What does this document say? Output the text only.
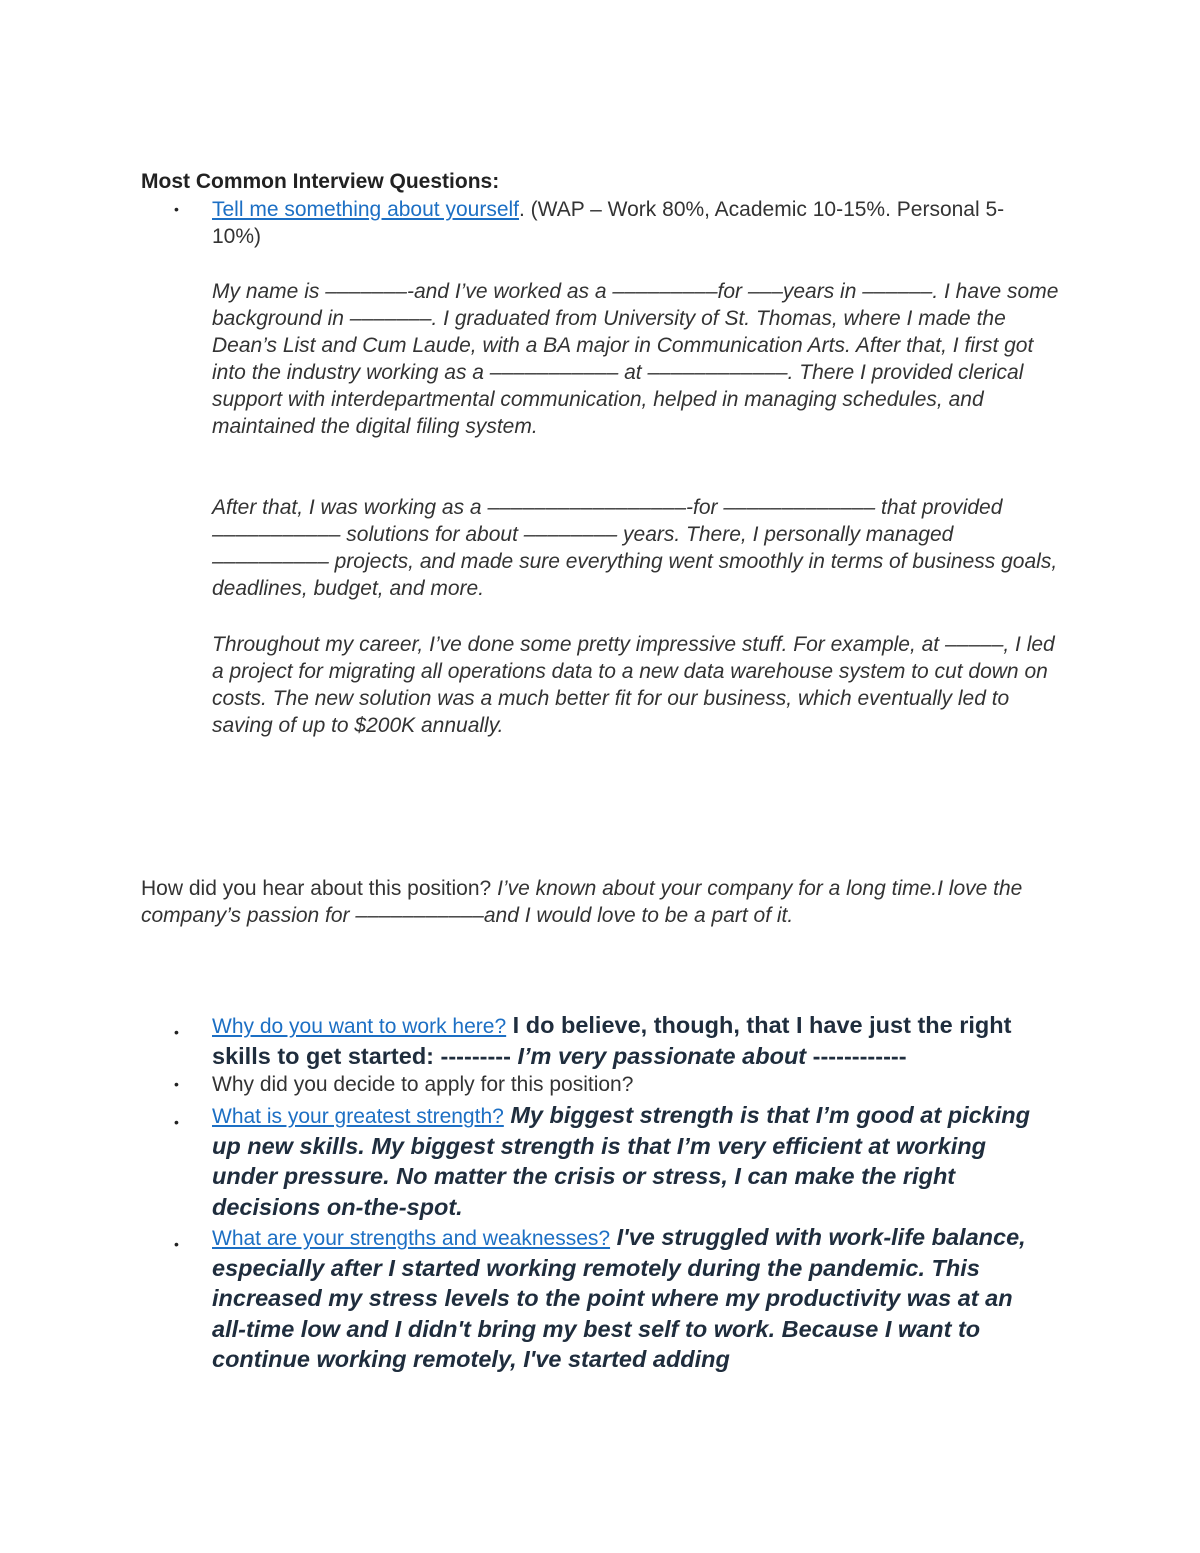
Most Common Interview Questions:

• Tell me something about yourself. (WAP – Work 80%, Academic 10-15%. Personal 5-10%)

My name is –––––––-and I’ve worked as a –––––––––for –––years in ––––––. I have some background in –––––––. I graduated from University of St. Thomas, where I made the Dean’s List and Cum Laude, with a BA major in Communication Arts. After that, I first got into the industry working as a ––––––––––– at ––––––––––––. There I provided clerical support with interdepartmental communication, helped in managing schedules, and maintained the digital filing system.

After that, I was working as a –––––––––––––––––-for ––––––––––––– that provided ––––––––––– solutions for about –––––––– years. There, I personally managed –––––––––– projects, and made sure everything went smoothly in terms of business goals, deadlines, budget, and more.

Throughout my career, I’ve done some pretty impressive stuff. For example, at –––––, I led a project for migrating all operations data to a new data warehouse system to cut down on costs. The new solution was a much better fit for our business, which eventually led to saving of up to $200K annually.

How did you hear about this position? I’ve known about your company for a long time.I love the company’s passion for –––––––––––and I would love to be a part of it.

• Why do you want to work here? I do believe, though, that I have just the right skills to get started: --------- I’m very passionate about ------------
• Why did you decide to apply for this position?
• What is your greatest strength? My biggest strength is that I’m good at picking up new skills. My biggest strength is that I’m very efficient at working under pressure. No matter the crisis or stress, I can make the right decisions on-the-spot.
• What are your strengths and weaknesses? I've struggled with work-life balance, especially after I started working remotely during the pandemic. This increased my stress levels to the point where my productivity was at an all-time low and I didn't bring my best self to work. Because I want to continue working remotely, I've started adding
